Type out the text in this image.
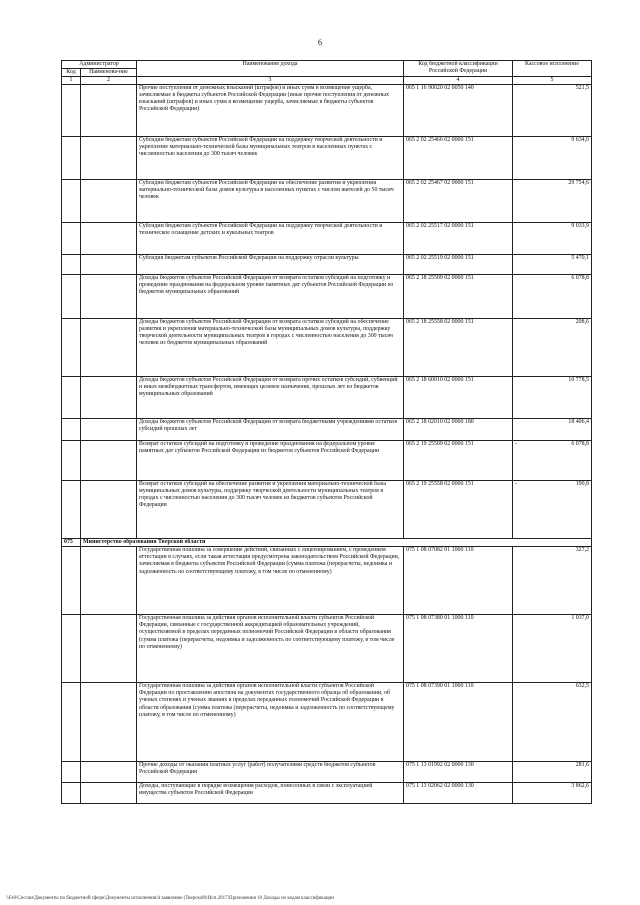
6
Администратор		Наименование дохода	Код бюджетной классификации Российской Федерации	Кассовое исполнение
Код	Наименова-ние			
1	2	3	4	5
		Прочие поступления от денежных взысканий (штрафов) и иных сумм в возмещение ущерба, зачисляемые в бюджеты субъектов Российской Федерации (иные прочие поступления от денежных взысканий (штрафов) и иных сумм в возмещение ущерба, зачисляемые в бюджеты субъектов Российской Федерации)	065 1 16 90020 02 0050 140	521,5
		Субсидии бюджетам субъектов Российской Федерации на поддержку творческой деятельности и укрепление материально-технической базы муниципальных театров в населенных пунктах с численностью населения до 300 тысяч человек	065 2 02 25466 02 0000 151	9 634,0
		Субсидии бюджетам субъектов Российской Федерации на обеспечение развития и укрепления материально-технической базы домов культуры в населенных пунктах с числом жителей до 50 тысяч человек	065 2 02 25467 02 0000 151	29 754,6
		Субсидии бюджетам субъектов Российской Федерации на поддержку творческой деятельности и техническое оснащение детских и кукольных театров	065 2 02 25517 02 0000 151	9 033,9
		Субсидия бюджетам субъектов Российской Федерации на поддержку отрасли культуры	065 2 02 25519 02 0000 151	5 470,1
		Доходы бюджетов субъектов Российской Федерации от возврата остатков субсидий на подготовку и проведение празднования на федеральном уровне памятных дат субъектов Российской Федерации из бюджетов муниципальных образований	065 2 18 25509 02 0000 151	6 078,8
		Доходы бюджетов субъектов Российской Федерации от возврата остатков субсидий на обеспечение развития и укрепления материально-технической базы муниципальных домов культуры, поддержку творческой деятельности муниципальных театров в городах с численностью населения до 300 тысяч человек из бюджетов муниципальных образований	065 2 18 25558 02 0000 151	208,6
		Доходы бюджетов субъектов Российской Федерации от возврата прочих остатков субсидий, субвенций и иных межбюджетных трансфертов, имеющих целевое назначение, прошлых лет из бюджетов муниципальных образований	065 2 18 60010 02 0000 151	10 778,5
		Доходы бюджетов субъектов Российской Федерации от возврата бюджетными учреждениями остатков субсидий прошлых лет	065 2 18 02010 02 0000 180	18 406,4
		Возврат остатков субсидий на подготовку и проведение празднования на федеральном уровне памятных дат субъектов Российской Федерации из бюджетов субъектов Российской Федерации	065 2 19 25509 02 0000 151	- 6 078,8
		Возврат остатков субсидий на обеспечение развития и укрепления материально-технической базы муниципальных домов культуры, поддержку творческой деятельности муниципальных театров в городах с численностью населения до 300 тысяч человек из бюджетов субъектов Российской Федерации	065 2 19 25558 02 0000 151	- 190,8
075	Министерство образования Тверской области			
		Государственная пошлина за совершение действий, связанных с лицензированием, с проведением аттестации в случаях, если такая аттестация предусмотрена законодательством Российской Федерации, зачисляемая в бюджеты субъектов Российской Федерации (сумма платежа (перерасчеты, недоимка и задолженность по соответствующему платежу, в том числе по отмененному)	075 1 08 07082 01 1000 110	327,2
		Государственная пошлина за действия органов исполнительной власти субъектов Российской Федерации, связанные с государственной аккредитацией образовательных учреждений, осуществляемой в пределах переданных полномочий Российской Федерации в области образования (сумма платежа (перерасчеты, недоимка и задолженность по соответствующему платежу, в том числе по отмененному)	075 1 08 07380 01 1000 110	1 037,0
		Государственная пошлина за действия органов исполнительной власти субъектов Российской Федерации по проставлению апостиля на документах государственного образца об образовании, об ученых степенях и ученых званиях в пределах переданных полномочий Российской Федерации в области образования (сумма платежа (перерасчеты, недоимка и задолженность по соответствующему платежу, в том числе по отмененному)	075 1 08 07390 01 1000 110	632,5
		Прочие доходы от оказания платных услуг (работ) получателями средств бюджетов субъектов Российской Федерации	075 1 13 01992 02 0000 130	281,6
		Доходы, поступающие в порядке возмещения расходов, понесенных в связи с эксплуатацией имущества субъектов Российской Федерации	075 1 13 02062 02 0000 130	3 862,6
\\Fs0\Сессии\Документы по бюджетной сфере\Документы исполнения\4 заявление (Тверской)\Исп.2017\Приложения 10 Доходы по кодам классификации
